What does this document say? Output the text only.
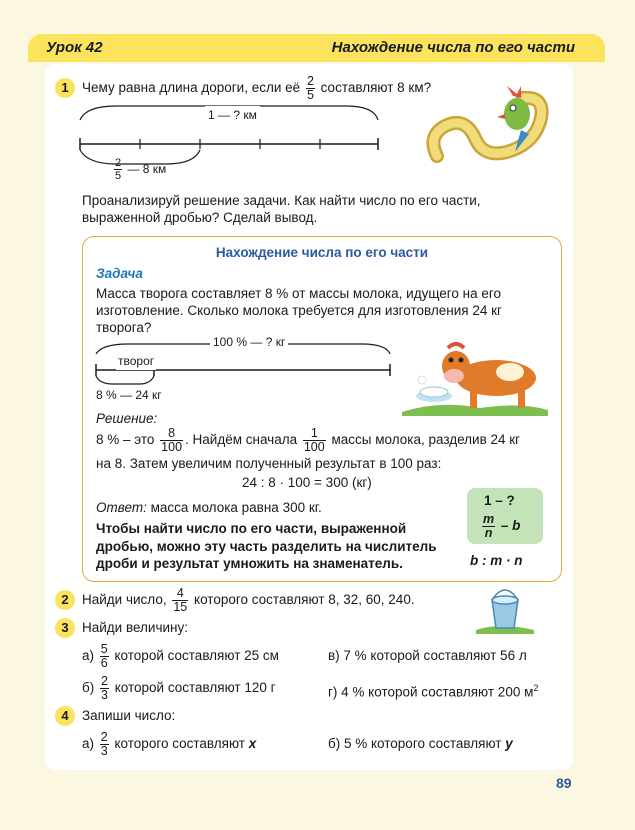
Урок 42	Нахождение числа по его части
1 Чему равна длина дороги, если её $\frac{2}{5}$ составляют 8 км?
1 — ? км
$\frac{2}{5}$ — 8 км
Проанализируй решение задачи. Как найти число по его части,
выраженной дробью? Сделай вывод.
Нахождение числа по его части
Задача
Масса творога составляет 8 % от массы молока, идущего на его
изготовление. Сколько молока требуется для изготовления 24 кг
творога?
100 % — ? кг
творог
8 % — 24 кг
Решение:
8 % – это $\frac{8}{100}$ . Найдём сначала $\frac{1}{100}$ массы молока, разделив 24 кг
на 8. Затем увеличим полученный результат в 100 раз:
24 : 8 · 100 = 300 (кг)
Ответ: масса молока равна 300 кг.
Чтобы найти число по его части, выраженной
дробью, можно эту часть разделить на числитель
дроби и результат умножить на знаменатель.
1 – ?
$\frac{m}{n}$ – b
b : m · n
2 Найди число, $\frac{4}{15}$ которого составляют 8, 32, 60, 240.
3 Найди величину:
$а) \frac{5}{6}$ которой составляют 25 см	в) 7 % которой составляют 56 л
$б) \frac{2}{3}$ которой составляют 120 г	г) 4 % которой составляют 200 $м^2$
4 Запиши число:
$а) \frac{2}{3}$ которого составляют x	б) 5 % которого составляют y
89
